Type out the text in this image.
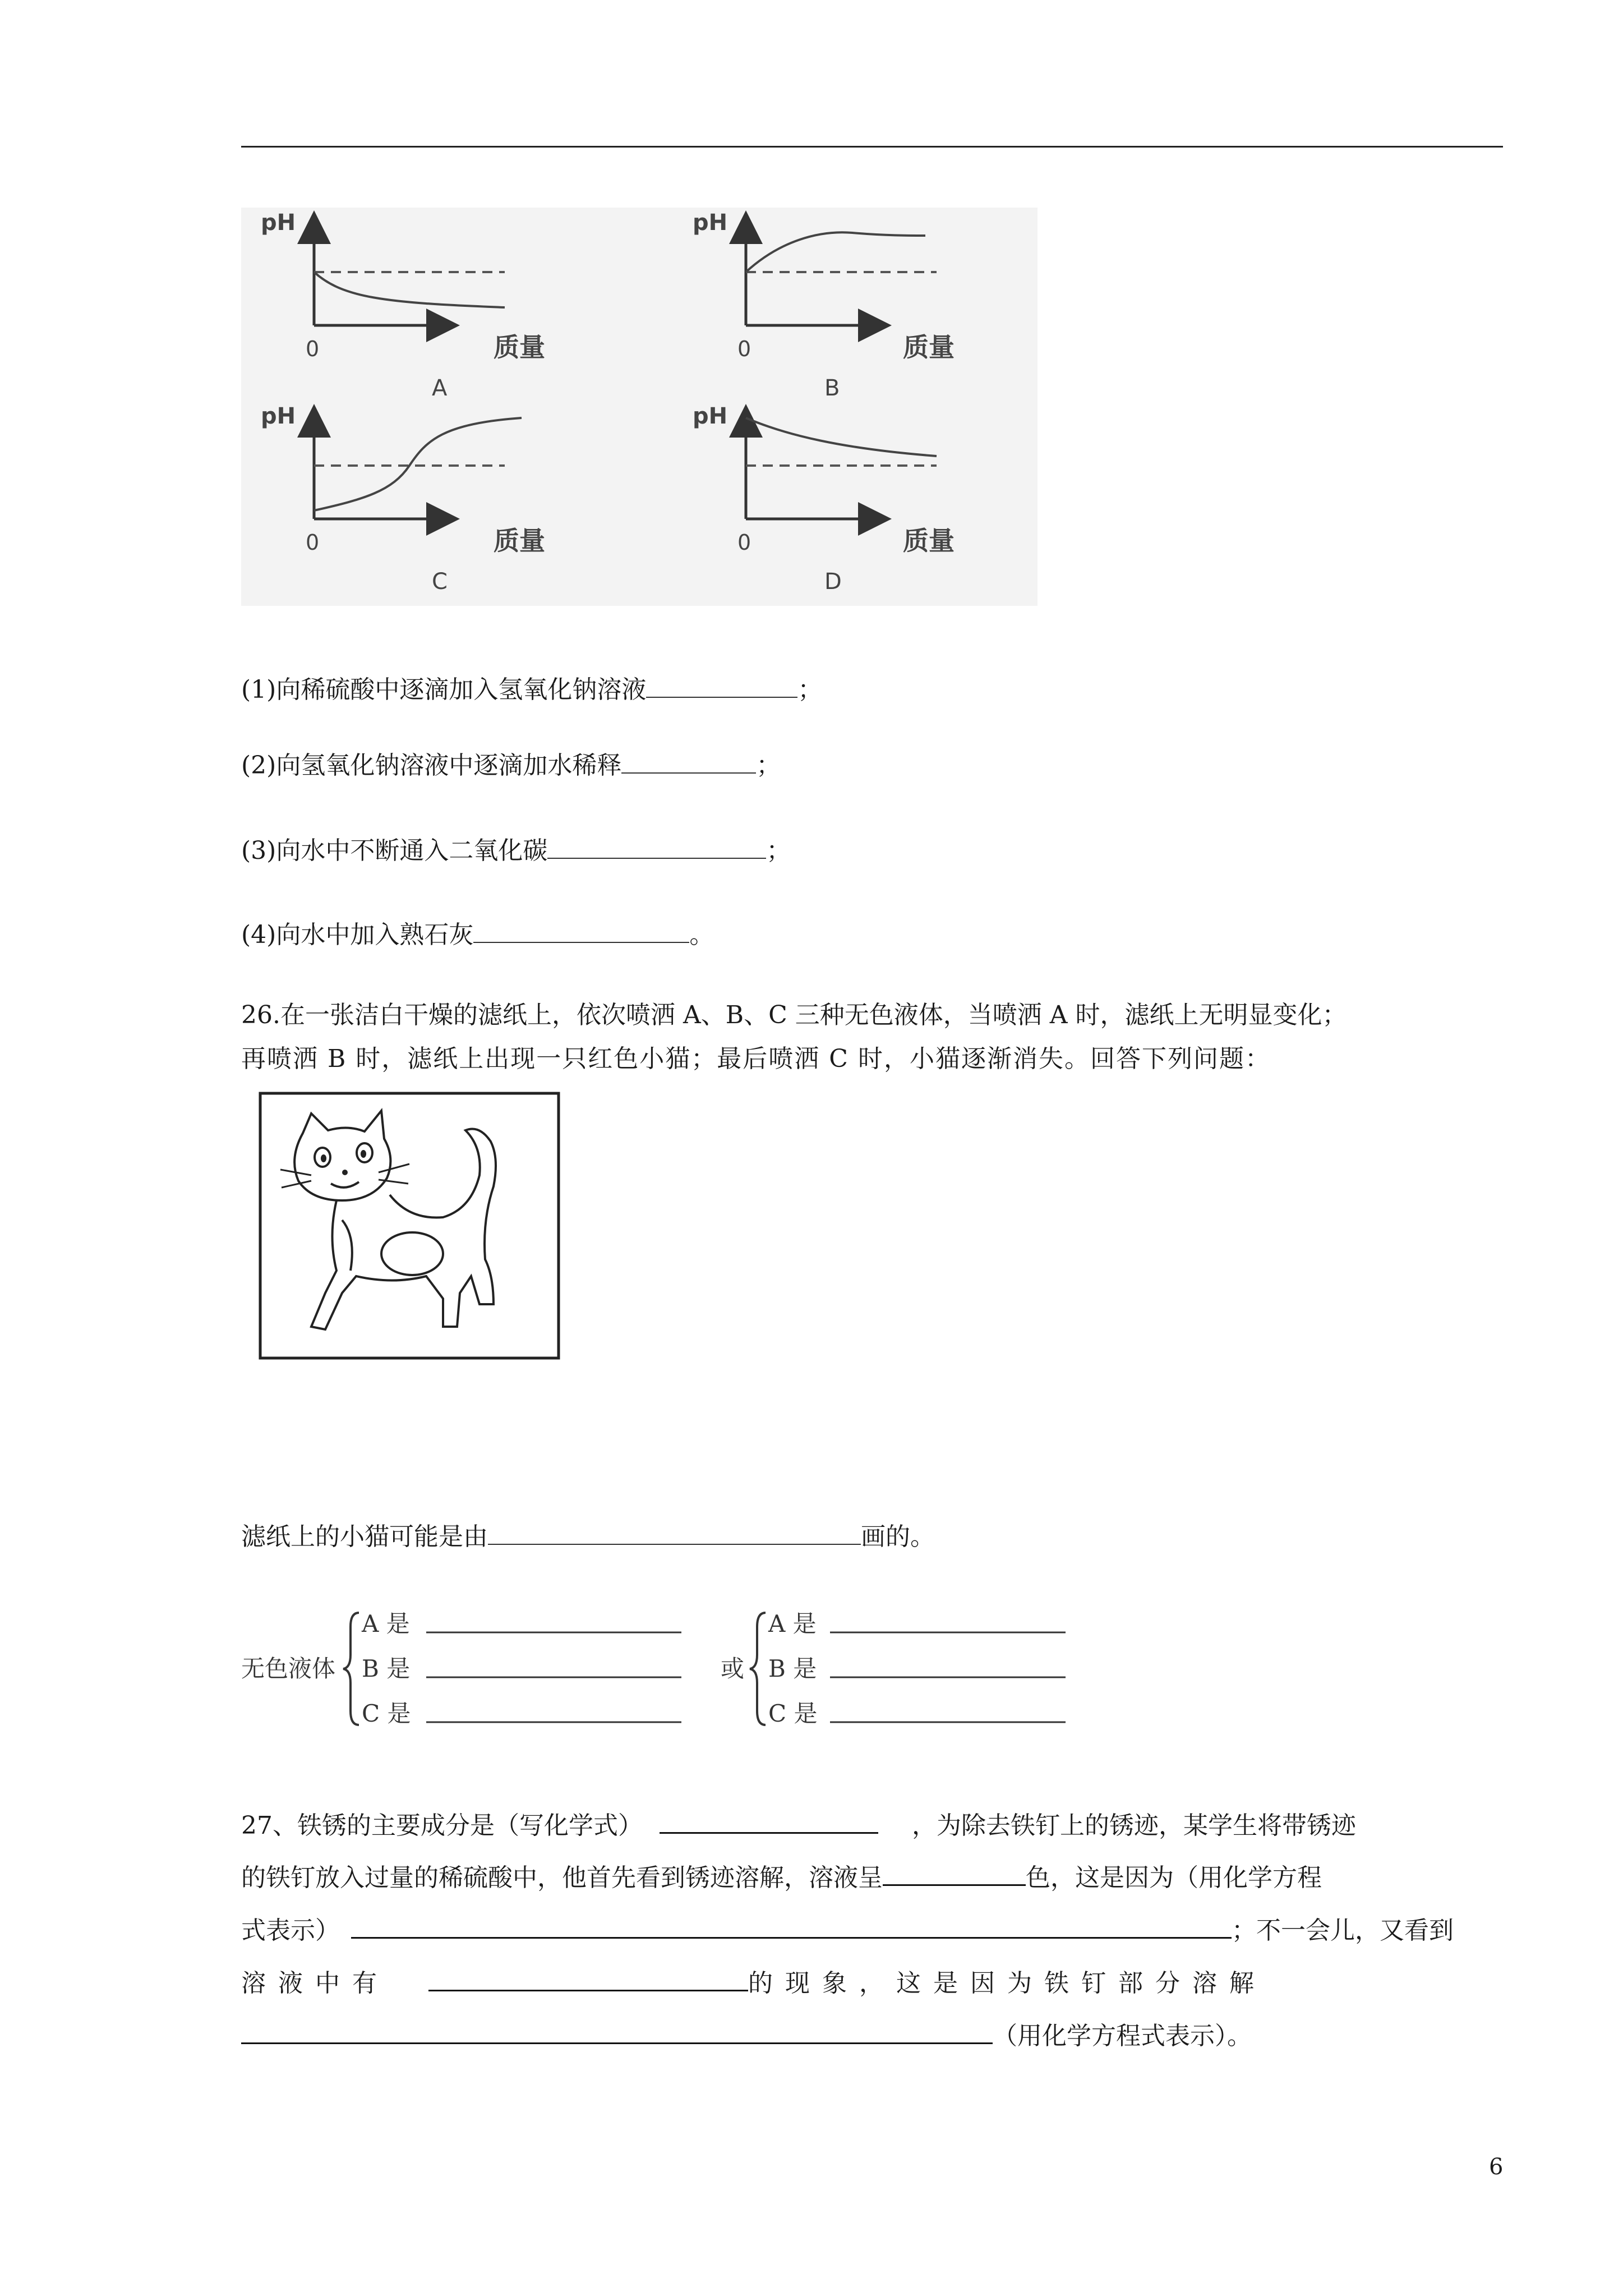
pH
0	质量
A
pH
0	质量
B
pH
0	质量
C
pH
0	质量
D
(1)向稀硫酸中逐滴加入氢氧化钠溶液	；
(2)向氢氧化钠溶液中逐滴加水稀释	；
(3)向水中不断通入二氧化碳	；
(4)向水中加入熟石灰	。
26.在一张洁白干燥的滤纸上，依次喷洒 A、B、C 三种无色液体，当喷洒 A 时，滤纸上无明显变化；
再喷洒 B 时，滤纸上出现一只红色小猫；最后喷洒 C 时，小猫逐渐消失。回答下列问题：
滤纸上的小猫可能是由	画的。
无色液体
A 是
B 是
C 是
或
A 是
B 是
C 是
27、铁锈的主要成分是（写化学式）	，为除去铁钉上的锈迹，某学生将带锈迹
的铁钉放入过量的稀硫酸中，他首先看到锈迹溶解，溶液呈	色，这是因为（用化学方程
式表示）	；不一会儿，又看到
溶液中有	的现象，这是因为铁钉部分溶解
（用化学方程式表示）。
6
